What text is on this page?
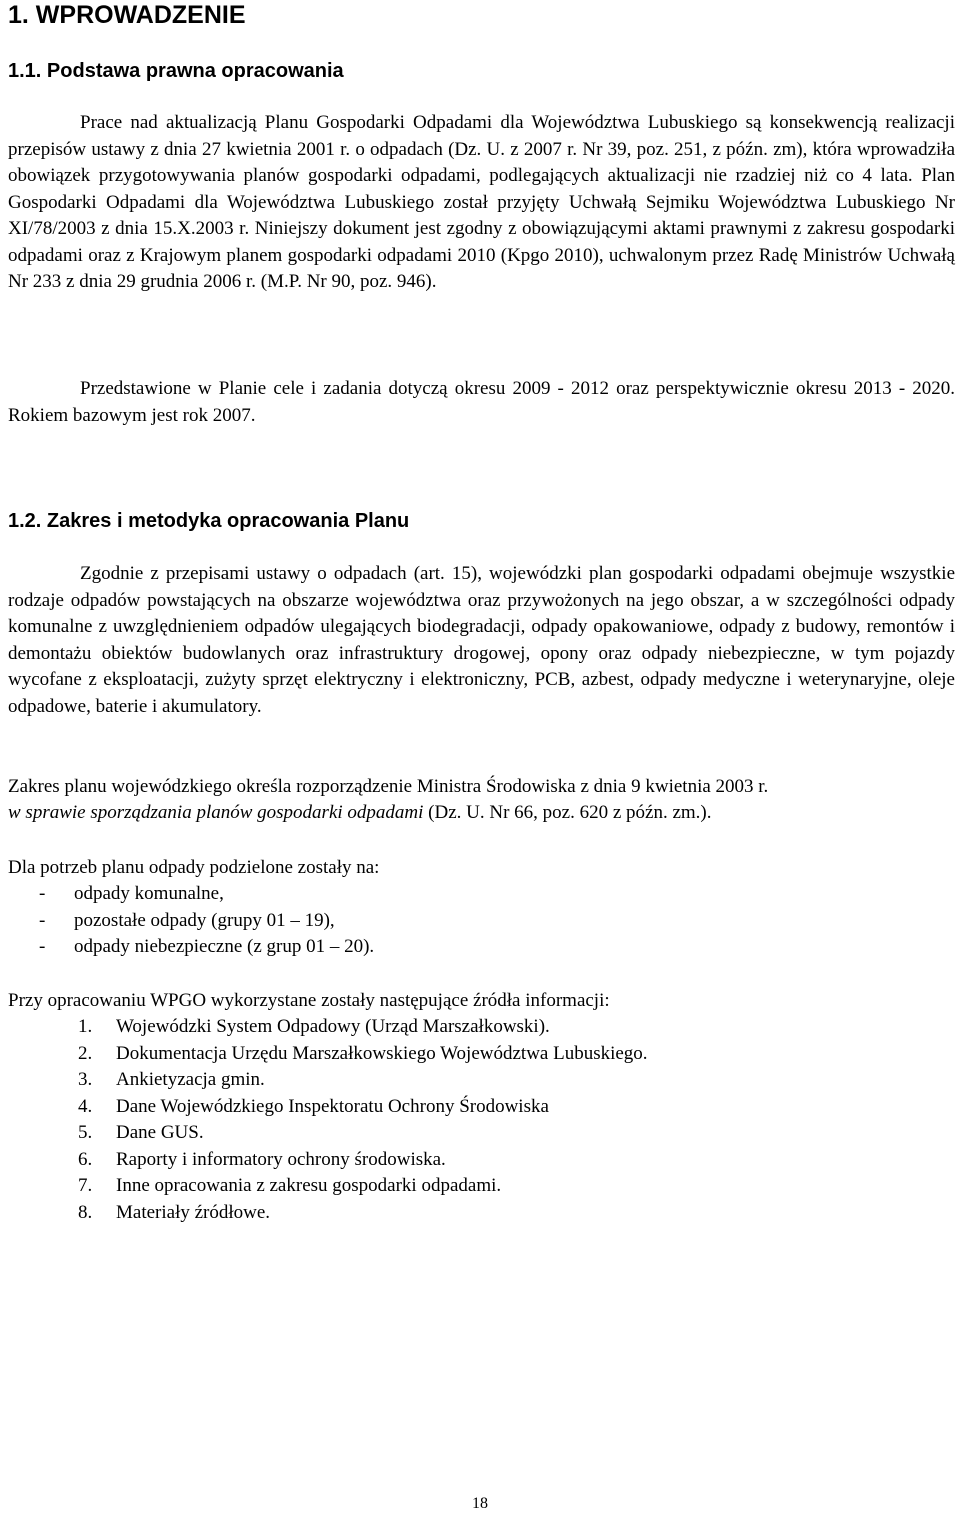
1. WPROWADZENIE
1.1. Podstawa prawna opracowania
Prace nad aktualizacją Planu Gospodarki Odpadami dla Województwa Lubuskiego są konsekwencją realizacji przepisów ustawy z dnia 27 kwietnia 2001 r. o odpadach (Dz. U. z 2007 r. Nr 39, poz. 251, z późn. zm), która wprowadziła obowiązek przygotowywania planów gospodarki odpadami, podlegających aktualizacji nie rzadziej niż co 4 lata. Plan Gospodarki Odpadami dla Województwa Lubuskiego został przyjęty Uchwałą Sejmiku Województwa Lubuskiego Nr XI/78/2003 z dnia 15.X.2003 r. Niniejszy dokument jest zgodny z obowiązującymi aktami prawnymi z zakresu gospodarki odpadami oraz z Krajowym planem gospodarki odpadami 2010 (Kpgo 2010), uchwalonym przez Radę Ministrów Uchwałą Nr 233 z dnia 29 grudnia 2006 r. (M.P. Nr 90, poz. 946).
Przedstawione w Planie cele i zadania dotyczą okresu 2009 - 2012 oraz perspektywicznie okresu 2013 - 2020. Rokiem bazowym jest rok 2007.
1.2. Zakres i metodyka opracowania Planu
Zgodnie z przepisami ustawy o odpadach (art. 15), wojewódzki plan gospodarki odpadami obejmuje wszystkie rodzaje odpadów powstających na obszarze województwa oraz przywożonych na jego obszar, a w szczególności odpady komunalne z uwzględnieniem odpadów ulegających biodegradacji, odpady opakowaniowe, odpady z budowy, remontów i demontażu obiektów budowlanych oraz infrastruktury drogowej, opony oraz odpady niebezpieczne, w tym pojazdy wycofane z eksploatacji, zużyty sprzęt elektryczny i elektroniczny, PCB, azbest, odpady medyczne i weterynaryjne, oleje odpadowe, baterie i akumulatory.
Zakres planu wojewódzkiego określa rozporządzenie Ministra Środowiska z dnia 9 kwietnia 2003 r.
w sprawie sporządzania planów gospodarki odpadami (Dz. U. Nr 66, poz. 620 z późn. zm.).
Dla potrzeb planu odpady podzielone zostały na:
-	odpady komunalne,
-	pozostałe odpady (grupy 01 – 19),
-	odpady niebezpieczne (z grup 01 – 20).
Przy opracowaniu WPGO wykorzystane zostały następujące źródła informacji:
1.	Wojewódzki System Odpadowy (Urząd Marszałkowski).
2.	Dokumentacja Urzędu Marszałkowskiego Województwa Lubuskiego.
3.	Ankietyzacja gmin.
4.	Dane Wojewódzkiego Inspektoratu Ochrony Środowiska
5.	Dane GUS.
6.	Raporty i informatory ochrony środowiska.
7.	Inne opracowania z zakresu gospodarki odpadami.
8.	Materiały źródłowe.
18
